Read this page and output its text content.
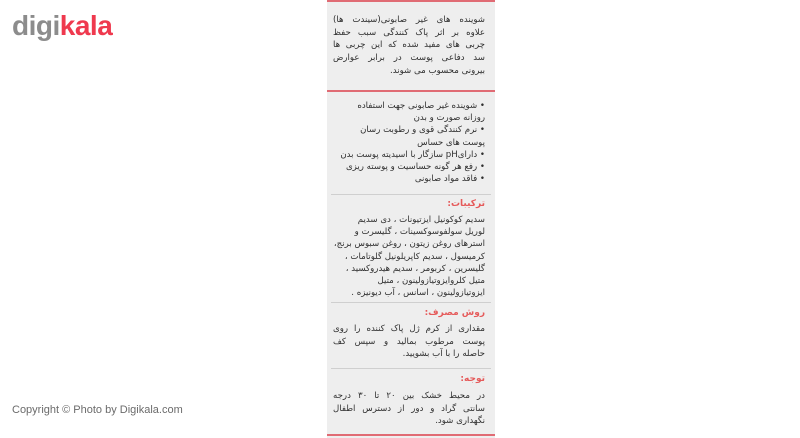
digikala
Copyright © Photo by Digikala.com

شوینده های غیر صابونی(سیندت ها)

علاوه بر اثر پاک کنندگی سبب حفظ

چربی های مفید شده که این چربی ها

سد دفاعی پوست در برابر عوارض

بیرونی محسوب می شوند.

• شوینده غیر صابونی جهت استفاده

روزانه صورت و بدن

• نرم کنندگی قوی و رطوبت رسان

پوست های حساس

• دارایpH سازگار با اسیدیته پوست بدن

• رفع هر گونه حساسیت و پوسته ریزی

• فاقد مواد صابونی

ترکیبات:

سدیم کوکونیل ایزتیونات ، دی سدیم

لوریل سولفوسوکسینات ، گلیسرت و

استرهای روغن زیتون ، روغن سبوس برنج،

کرمیسول ، سدیم کاپریلونیل گلوتامات ،

گلیسرین ، کربومر ، سدیم هیدروکسید ،

متیل کلروایزوتیازولینون ، متیل

ایزوتیازولینون ، اسانس ، آب دیونیزه .

روش مصرف:

مقداری از کرم ژل پاک کننده را روی

پوست مرطوب بمالید و سپس کف

حاصله را با آب بشویید.

توجه:

در محیط خشک بین ۲۰ تا ۳۰ درجه

سانتی گراد و دور از دسترس اطفال

نگهداری شود.
